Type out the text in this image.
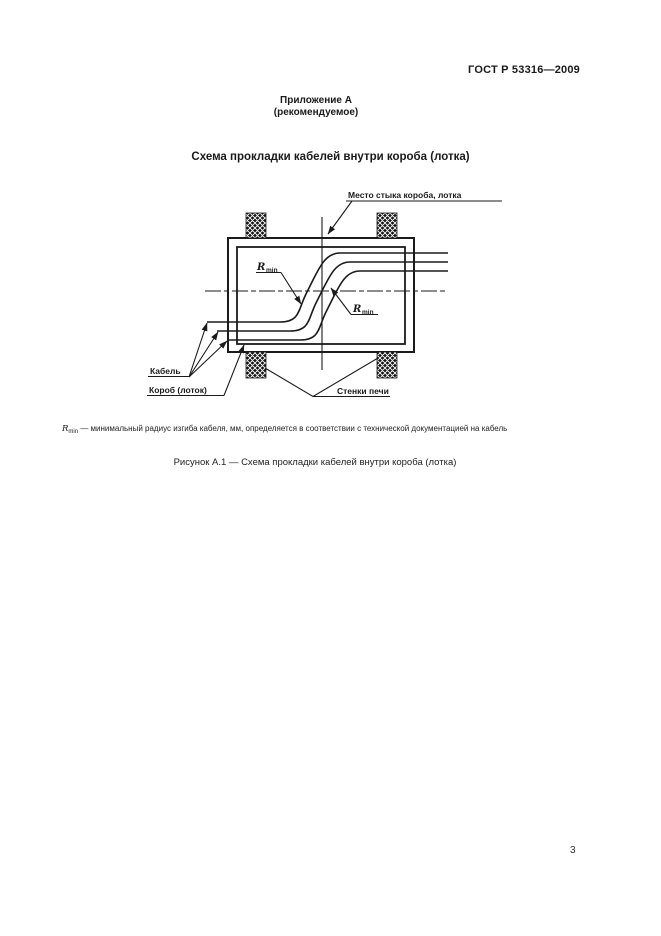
ГОСТ Р 53316—2009
Приложение А
(рекомендуемое)
Схема прокладки кабелей внутри короба (лотка)
Место стыка короба, лотка
R min
R min
Кабель
Короб (лоток)	Стенки печи
$R_{min}$ — минимальный радиус изгиба кабеля, мм, определяется в соответствии с технической документацией на кабель
Рисунок А.1 — Схема прокладки кабелей внутри короба (лотка)
3
